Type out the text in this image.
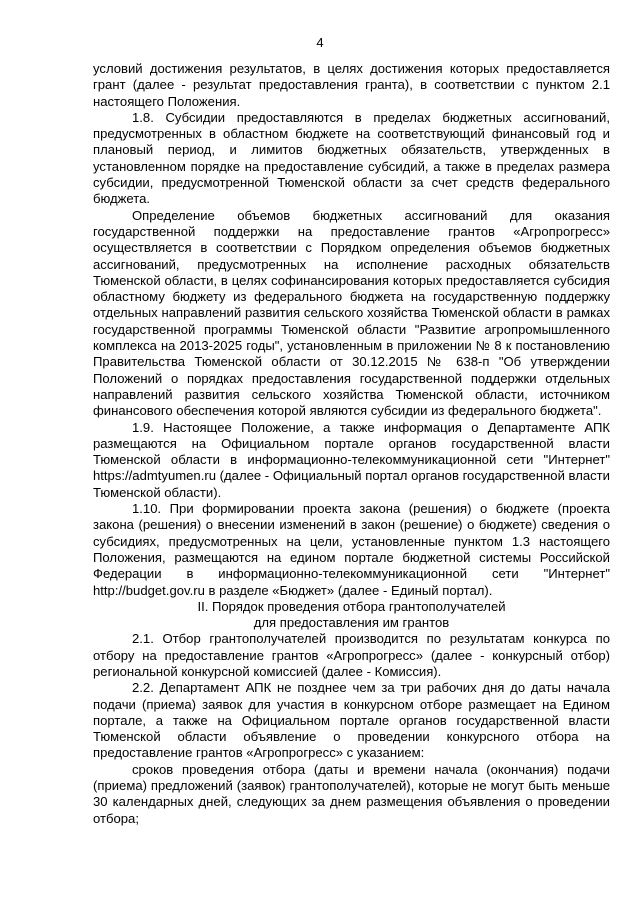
4

условий достижения результатов, в целях достижения которых предоставляется грант (далее - результат предоставления гранта), в соответствии с пунктом 2.1 настоящего Положения.

1.8. Субсидии предоставляются в пределах бюджетных ассигнований, предусмотренных в областном бюджете на соответствующий финансовый год и плановый период, и лимитов бюджетных обязательств, утвержденных в установленном порядке на предоставление субсидий, а также в пределах размера субсидии, предусмотренной Тюменской области за счет средств федерального бюджета.

Определение объемов бюджетных ассигнований для оказания государственной поддержки на предоставление грантов «Агропрогресс» осуществляется в соответствии с Порядком определения объемов бюджетных ассигнований, предусмотренных на исполнение расходных обязательств Тюменской области, в целях софинансирования которых предоставляется субсидия областному бюджету из федерального бюджета на государственную поддержку отдельных направлений развития сельского хозяйства Тюменской области в рамках государственной программы Тюменской области "Развитие агропромышленного комплекса на 2013-2025 годы", установленным в приложении № 8 к постановлению Правительства Тюменской области от 30.12.2015 № 638-п "Об утверждении Положений о порядках предоставления государственной поддержки отдельных направлений развития сельского хозяйства Тюменской области, источником финансового обеспечения которой являются субсидии из федерального бюджета".

1.9. Настоящее Положение, а также информация о Департаменте АПК размещаются на Официальном портале органов государственной власти Тюменской области в информационно-телекоммуникационной сети "Интернет" https://admtyumen.ru (далее - Официальный портал органов государственной власти Тюменской области).

1.10. При формировании проекта закона (решения) о бюджете (проекта закона (решения) о внесении изменений в закон (решение) о бюджете) сведения о субсидиях, предусмотренных на цели, установленные пунктом 1.3 настоящего Положения, размещаются на едином портале бюджетной системы Российской Федерации в информационно-телекоммуникационной сети "Интернет" http://budget.gov.ru в разделе «Бюджет» (далее - Единый портал).

II. Порядок проведения отбора грантополучателей
для предоставления им грантов

2.1. Отбор грантополучателей производится по результатам конкурса по отбору на предоставление грантов «Агропрогресс» (далее - конкурсный отбор) региональной конкурсной комиссией (далее - Комиссия).

2.2. Департамент АПК не позднее чем за три рабочих дня до даты начала подачи (приема) заявок для участия в конкурсном отборе размещает на Едином портале, а также на Официальном портале органов государственной власти Тюменской области объявление о проведении конкурсного отбора на предоставление грантов «Агропрогресс» с указанием:

сроков проведения отбора (даты и времени начала (окончания) подачи (приема) предложений (заявок) грантополучателей), которые не могут быть меньше 30 календарных дней, следующих за днем размещения объявления о проведении отбора;
